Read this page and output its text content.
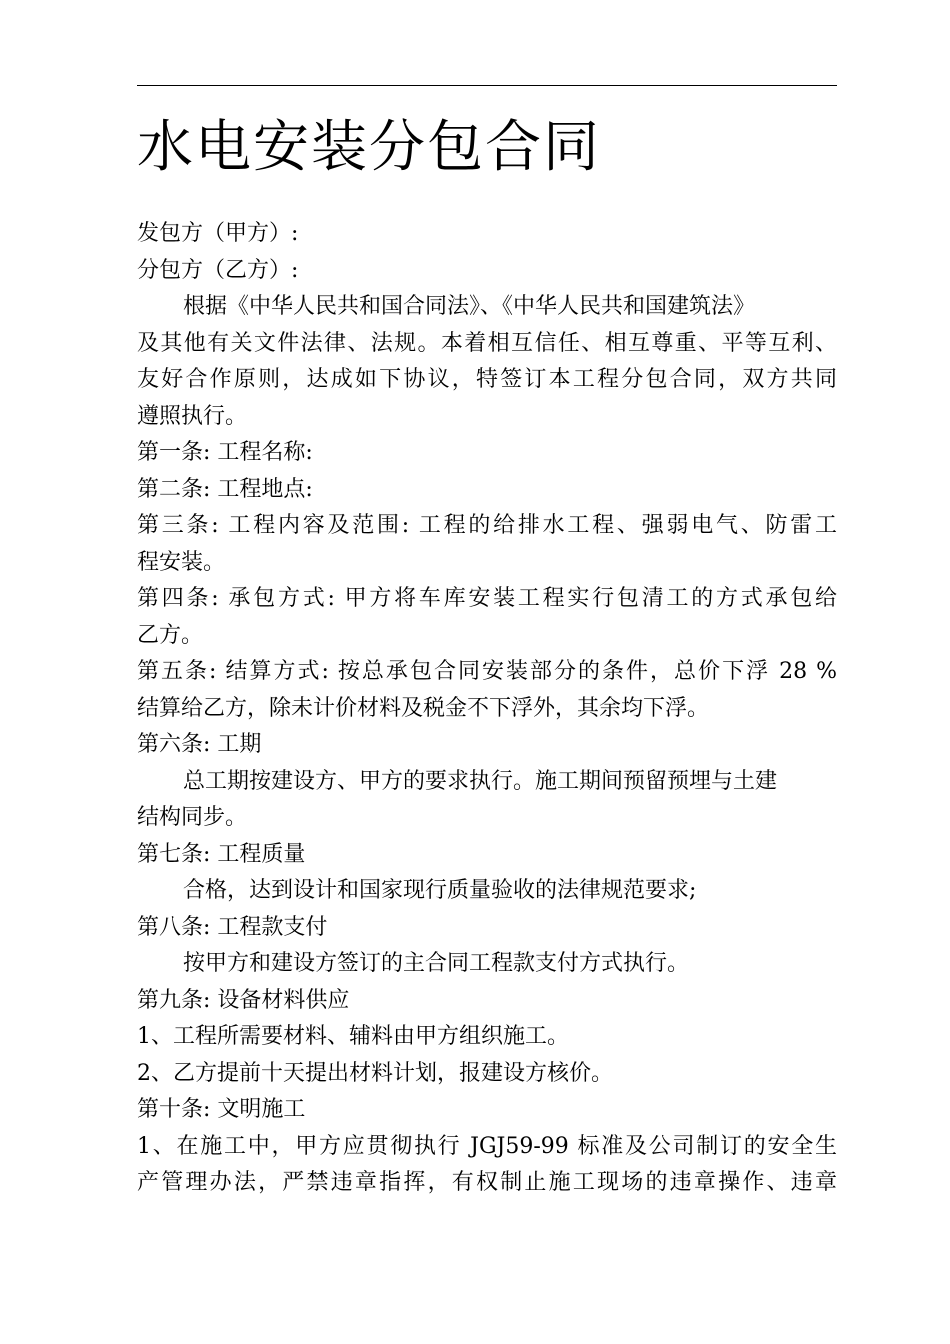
水电安装分包合同
发包方（甲方）:
分包方（乙方）:
根据《中华人民共和国合同法》、《中华人民共和国建筑法》
及其他有关文件法律、法规。本着相互信任、相互尊重、平等互利、
友好合作原则，达成如下协议，特签订本工程分包合同，双方共同
遵照执行。
第一条: 工程名称:
第二条: 工程地点:
第三条: 工程内容及范围: 工程的给排水工程、强弱电气、防雷工
程安装。
第四条: 承包方式: 甲方将车库安装工程实行包清工的方式承包给
乙方。
第五条: 结算方式: 按总承包合同安装部分的条件，总价下浮 28 %
结算给乙方，除未计价材料及税金不下浮外，其余均下浮。
第六条: 工期
总工期按建设方、甲方的要求执行。施工期间预留预埋与土建
结构同步。
第七条: 工程质量
合格，达到设计和国家现行质量验收的法律规范要求;
第八条: 工程款支付
按甲方和建设方签订的主合同工程款支付方式执行。
第九条: 设备材料供应
1、工程所需要材料、辅料由甲方组织施工。
2、乙方提前十天提出材料计划，报建设方核价。
第十条: 文明施工
1、在施工中，甲方应贯彻执行 JGJ59-99 标准及公司制订的安全生
产管理办法，严禁违章指挥，有权制止施工现场的违章操作、违章
